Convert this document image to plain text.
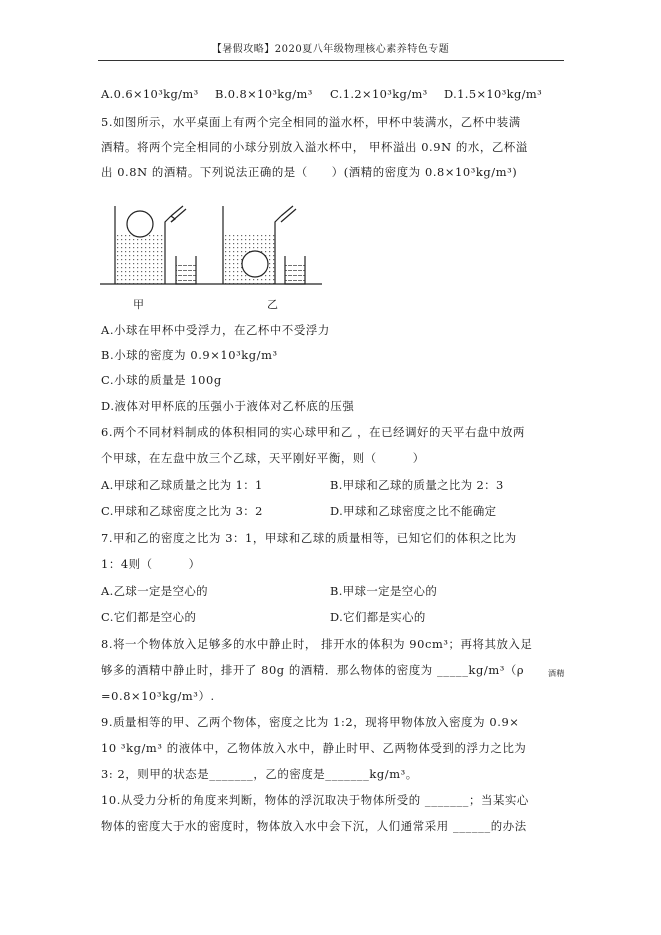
【暑假攻略】2020夏八年级物理核心素养特色专题
A.0.6×10³kg/m³ B.0.8×10³kg/m³ C.1.2×10³kg/m³ D.1.5×10³kg/m³
5.如图所示，水平桌面上有两个完全相同的溢水杯，甲杯中装满水，乙杯中装满
酒精。将两个完全相同的小球分别放入溢水杯中， 甲杯溢出 0.9N 的水，乙杯溢
出 0.8N 的酒精。下列说法正确的是（　　）(酒精的密度为 0.8×10³kg/m³)
甲	乙
A.小球在甲杯中受浮力，在乙杯中不受浮力
B.小球的密度为 0.9×10³kg/m³
C.小球的质量是 100g
D.液体对甲杯底的压强小于液体对乙杯底的压强
6.两个不同材料制成的体积相同的实心球甲和乙 ，在已经调好的天平右盘中放两
个甲球，在左盘中放三个乙球，天平刚好平衡，则（　　　）
A.甲球和乙球质量之比为 1：1	B.甲球和乙球的质量之比为 2：3
C.甲球和乙球密度之比为 3：2	D.甲球和乙球密度之比不能确定
7.甲和乙的密度之比为 3：1，甲球和乙球的质量相等，已知它们的体积之比为
1：4则（　　　）
A.乙球一定是空心的	B.甲球一定是空心的
C.它们都是空心的	D.它们都是实心的
8.将一个物体放入足够多的水中静止时， 排开水的体积为 90cm³；再将其放入足
够多的酒精中静止时，排开了 80g 的酒精．那么物体的密度为 _____kg/m³（ρ	酒精
=0.8×10³kg/m³）.
9.质量相等的甲、乙两个物体，密度之比为 1:2，现将甲物体放入密度为 0.9×
10 ³kg/m³ 的液体中，乙物体放入水中，静止时甲、乙两物体受到的浮力之比为
3: 2，则甲的状态是_______，乙的密度是_______kg/m³。
10.从受力分析的角度来判断，物体的浮沉取决于物体所受的 _______；当某实心
物体的密度大于水的密度时，物体放入水中会下沉，人们通常采用 ______的办法
